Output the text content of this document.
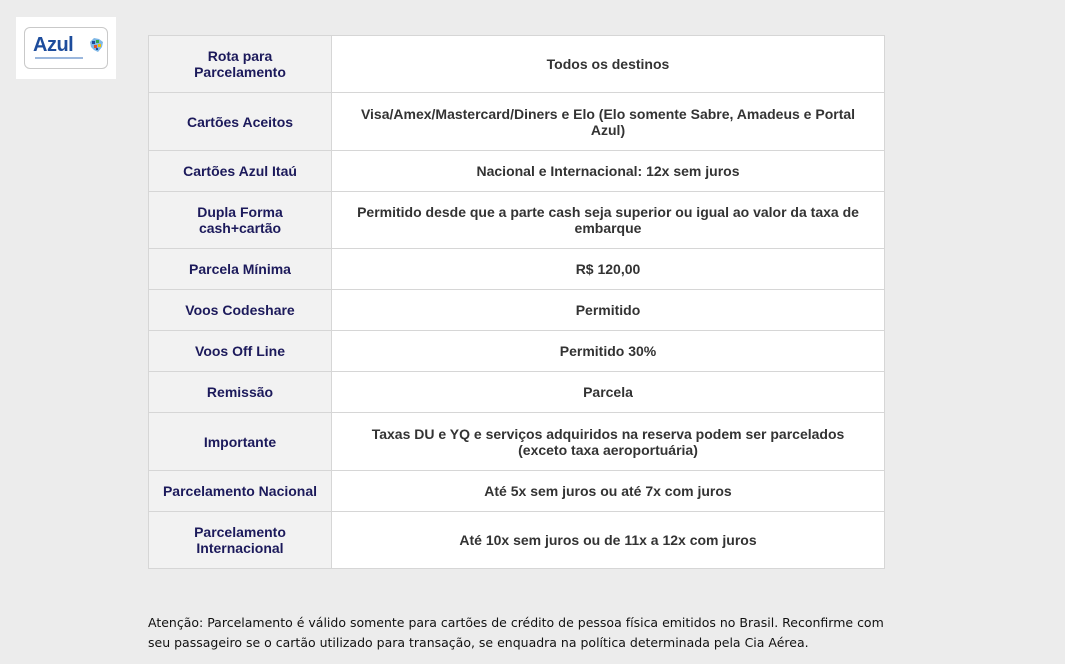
Azul	Rota para Parcelamento	Todos os destinos
Cartões Aceitos	Visa/Amex/Mastercard/Diners e Elo (Elo somente Sabre, Amadeus e Portal Azul)
Cartões Azul Itaú	Nacional e Internacional: 12x sem juros
Dupla Forma cash+cartão	Permitido desde que a parte cash seja superior ou igual ao valor da taxa de embarque
Parcela Mínima	R$ 120,00
Voos Codeshare	Permitido
Voos Off Line	Permitido 30%
Remissão	Parcela
Importante	Taxas DU e YQ e serviços adquiridos na reserva podem ser parcelados (exceto taxa aeroportuária)
Parcelamento Nacional	Até 5x sem juros ou até 7x com juros
Parcelamento Internacional	Até 10x sem juros ou de 11x a 12x com juros

Atenção: Parcelamento é válido somente para cartões de crédito de pessoa física emitidos no Brasil. Reconfirme com seu passageiro se o cartão utilizado para transação, se enquadra na política determinada pela Cia Aérea.
